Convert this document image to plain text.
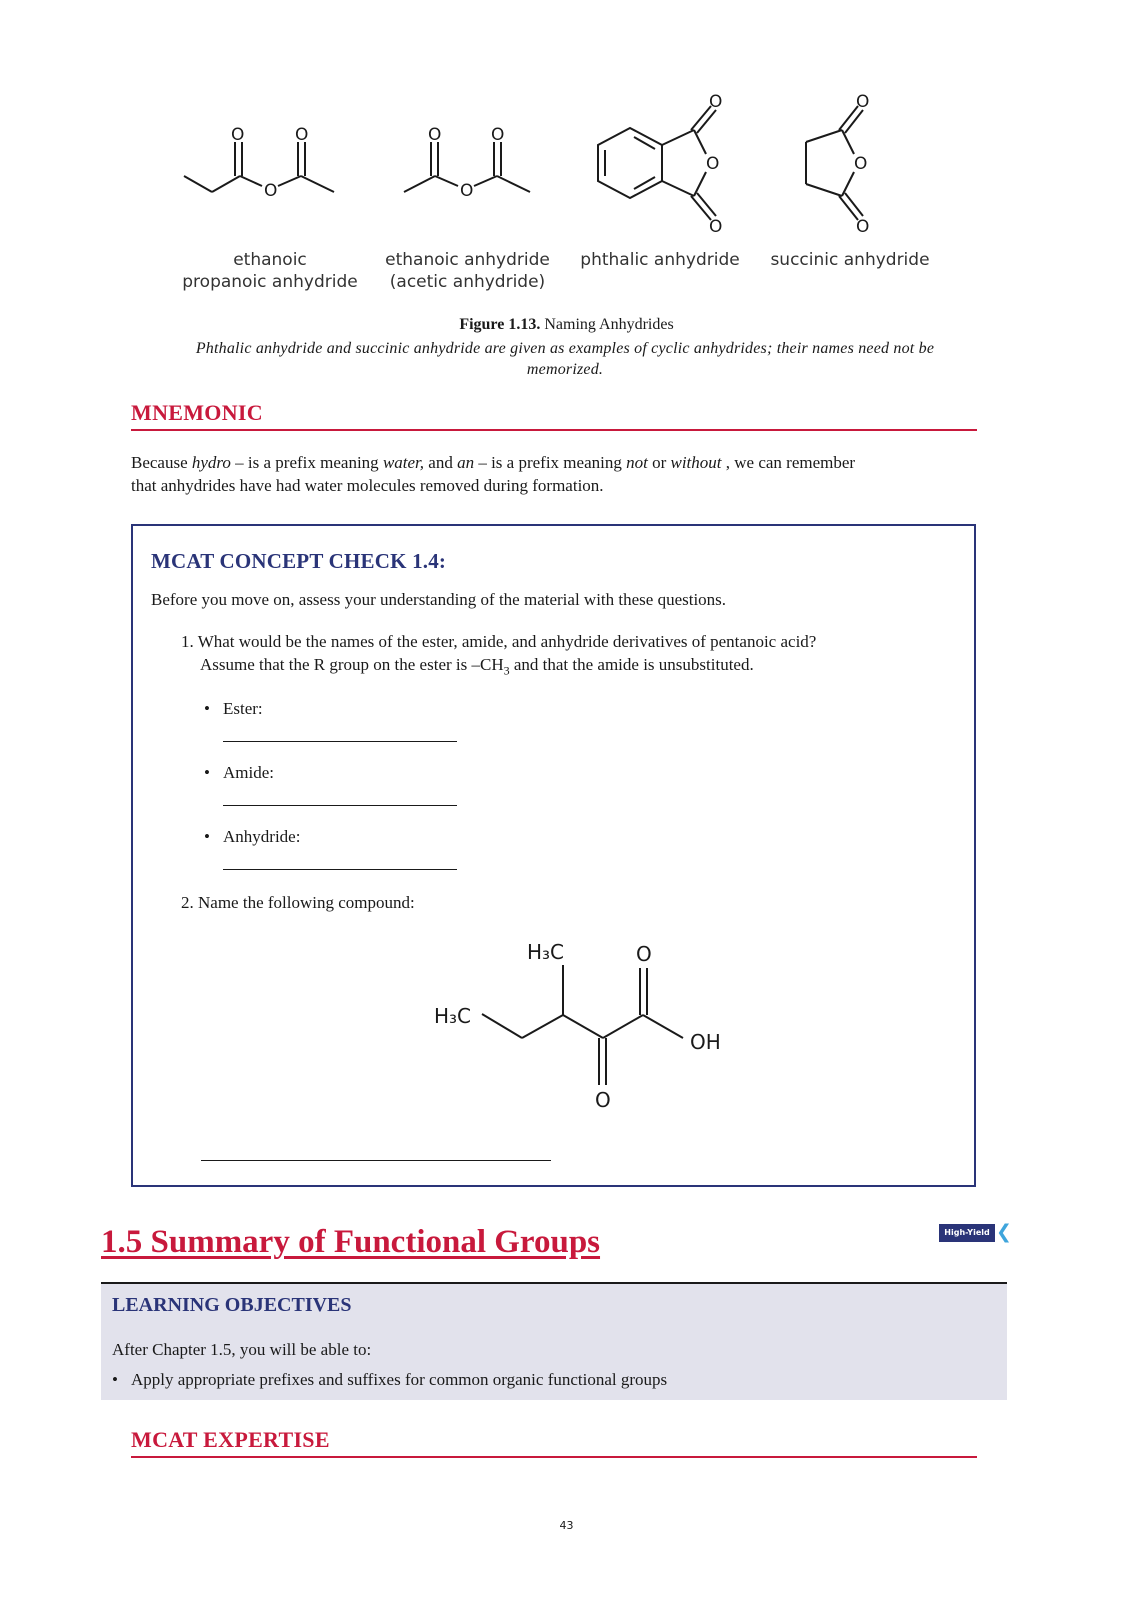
O	O
O
O	O
O
O
O
O
O
O
O
ethanoic
propanoic anhydride
ethanoic anhydride
(acetic anhydride)
phthalic anhydride	succinic anhydride
Figure 1.13. Naming Anhydrides
Phthalic anhydride and succinic anhydride are given as examples of cyclic anhydrides; their names need not be memorized.
MNEMONIC
Because hydro – is a prefix meaning water, and an – is a prefix meaning not or without , we can remember
that anhydrides have had water molecules removed during formation.
MCAT CONCEPT CHECK 1.4:
Before you move on, assess your understanding of the material with these questions.
1. What would be the names of the ester, amide, and anhydride derivatives of pentanoic acid?
Assume that the R group on the ester is $-CH_3$ and that the amide is unsubstituted.
• Ester:
• Amide:
• Anhydride:
2. Name the following compound:
H₃C
H₃C
O
OH
O
1.5 Summary of Functional Groups	High-Yield ❮
LEARNING OBJECTIVES
After Chapter 1.5, you will be able to:
• Apply appropriate prefixes and suffixes for common organic functional groups
MCAT EXPERTISE
43
